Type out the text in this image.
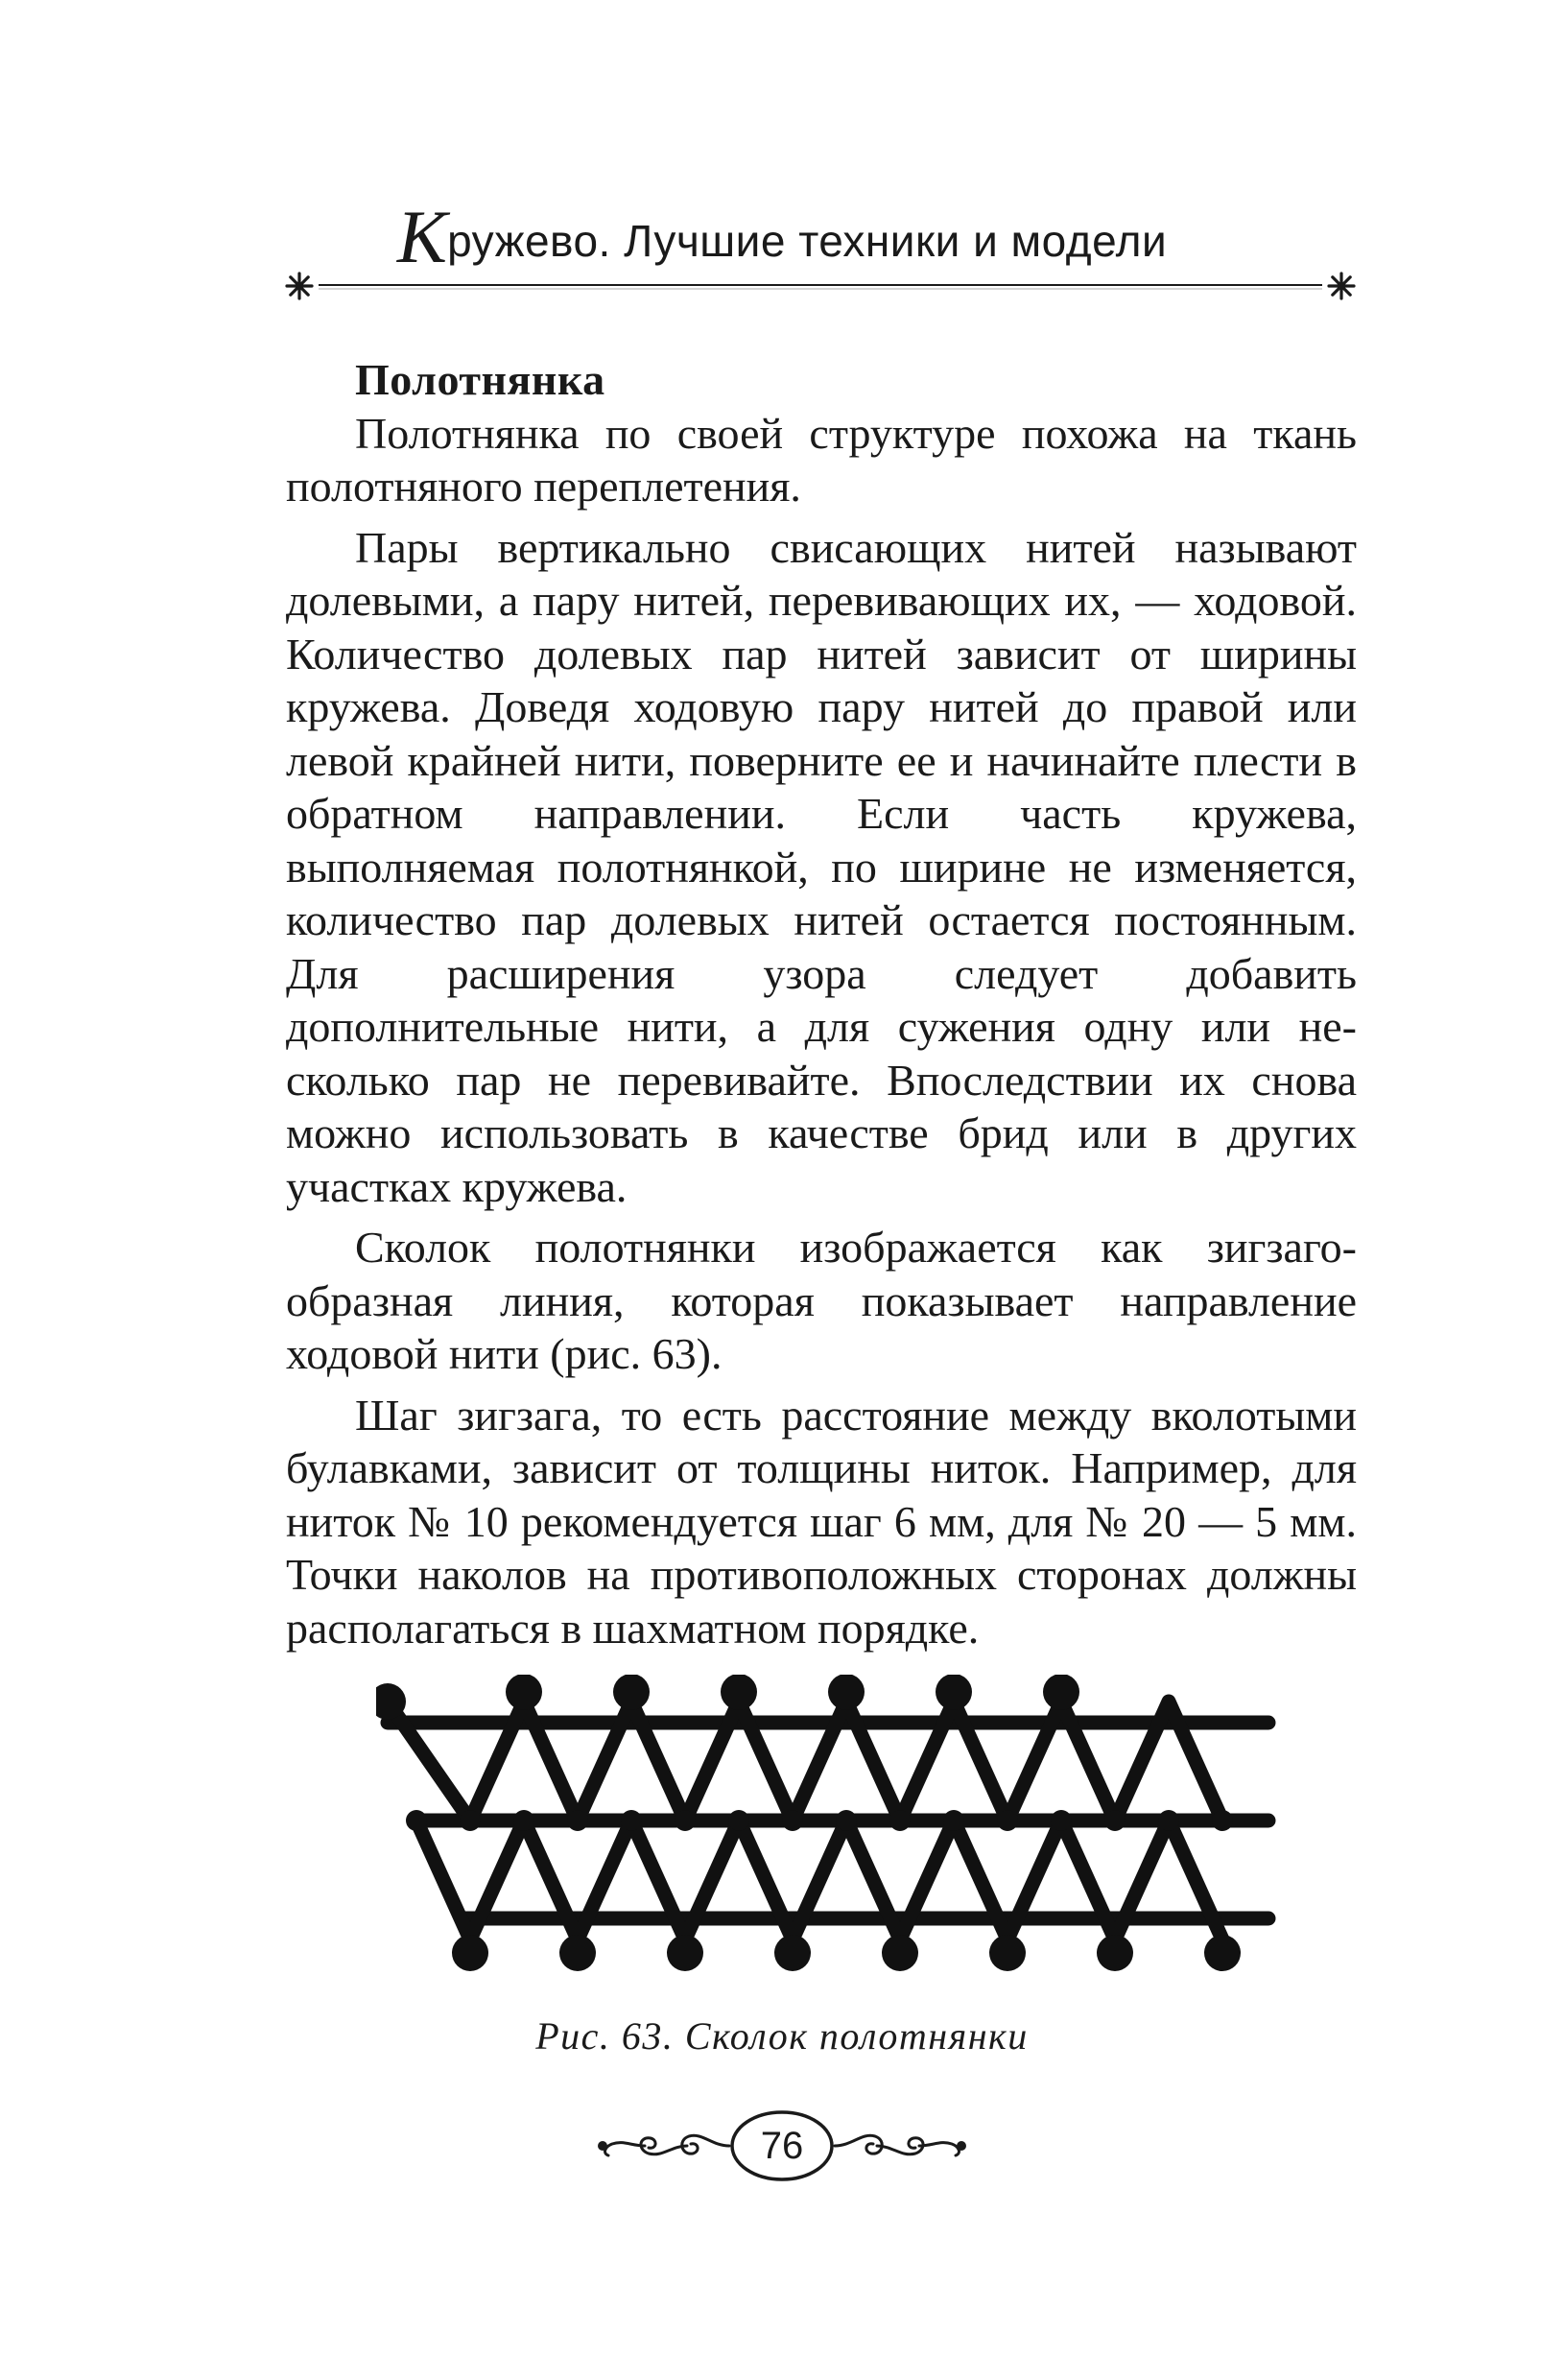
Кружево. Лучшие техники и модели
Полотнянка

Полотнянка по своей структуре похожа на ткань полотняного переплетения.

Пары вертикально свисающих нитей называют долевыми, а пару нитей, перевивающих их, — ходовой. Количество долевых пар нитей зависит от ширины кружева. Доведя ходовую пару нитей до правой или левой крайней нити, поверните ее и начинайте плести в обратном направлении. Если часть кружева, выполняемая полотнянкой, по ширине не изменяется, количество пар долевых нитей остается постоянным. Для расширения узора следует добавить дополнительные нити, а для сужения одну или несколько пар не перевивайте. Впоследствии их снова можно использовать в качестве брид или в других участках кружева.

Сколок полотнянки изображается как зигзагообразная линия, которая показывает направление ходовой нити (рис. 63).

Шаг зигзага, то есть расстояние между вколотыми булавками, зависит от толщины ниток. Например, для ниток № 10 рекомендуется шаг 6 мм, для № 20 — 5 мм. Точки наколов на противоположных сторонах должны располагаться в шахматном порядке.

Рис. 63. Сколок полотнянки
76
